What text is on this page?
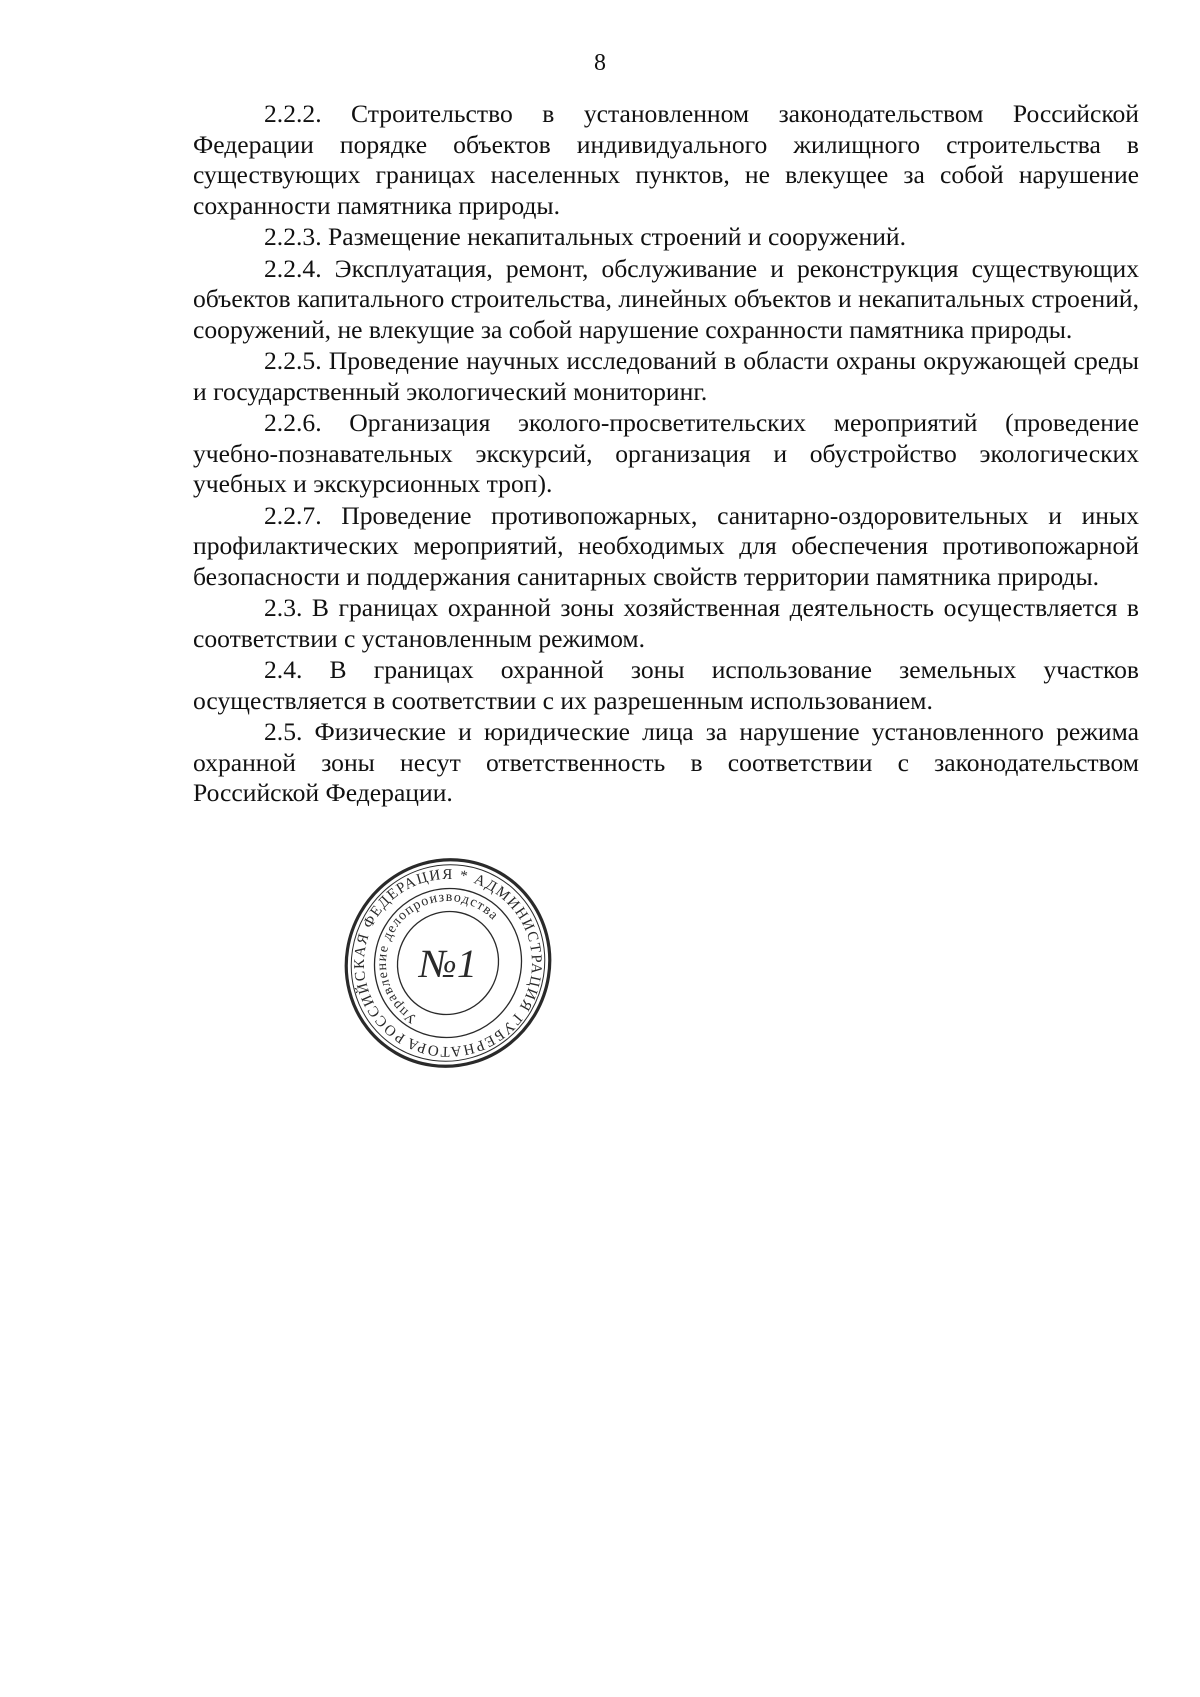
8

2.2.2. Строительство в установленном законодательством Российской Федерации порядке объектов индивидуального жилищного строительства в существующих границах населенных пунктов, не влекущее за собой нарушение сохранности памятника природы.

2.2.3. Размещение некапитальных строений и сооружений.

2.2.4. Эксплуатация, ремонт, обслуживание и реконструкция существующих объектов капитального строительства, линейных объектов и некапитальных строений, сооружений, не влекущие за собой нарушение сохранности памятника природы.

2.2.5. Проведение научных исследований в области охраны окружающей среды и государственный экологический мониторинг.

2.2.6. Организация эколого-просветительских мероприятий (проведение учебно-познавательных экскурсий, организация и обустройство экологических учебных и экскурсионных троп).

2.2.7. Проведение противопожарных, санитарно-оздоровительных и иных профилактических мероприятий, необходимых для обеспечения противопожарной безопасности и поддержания санитарных свойств территории памятника природы.

2.3. В границах охранной зоны хозяйственная деятельность осуществляется в соответствии с установленным режимом.

2.4. В границах охранной зоны использование земельных участков осуществляется в соответствии с их разрешенным использованием.

2.5. Физические и юридические лица за нарушение установленного режима охранной зоны несут ответственность в соответствии с законодательством Российской Федерации.

РОССИЙСКАЯ ФЕДЕРАЦИЯ * АДМИНИСТРАЦИЯ ГУБЕРНАТОРА
Управление делопроизводства
№1
